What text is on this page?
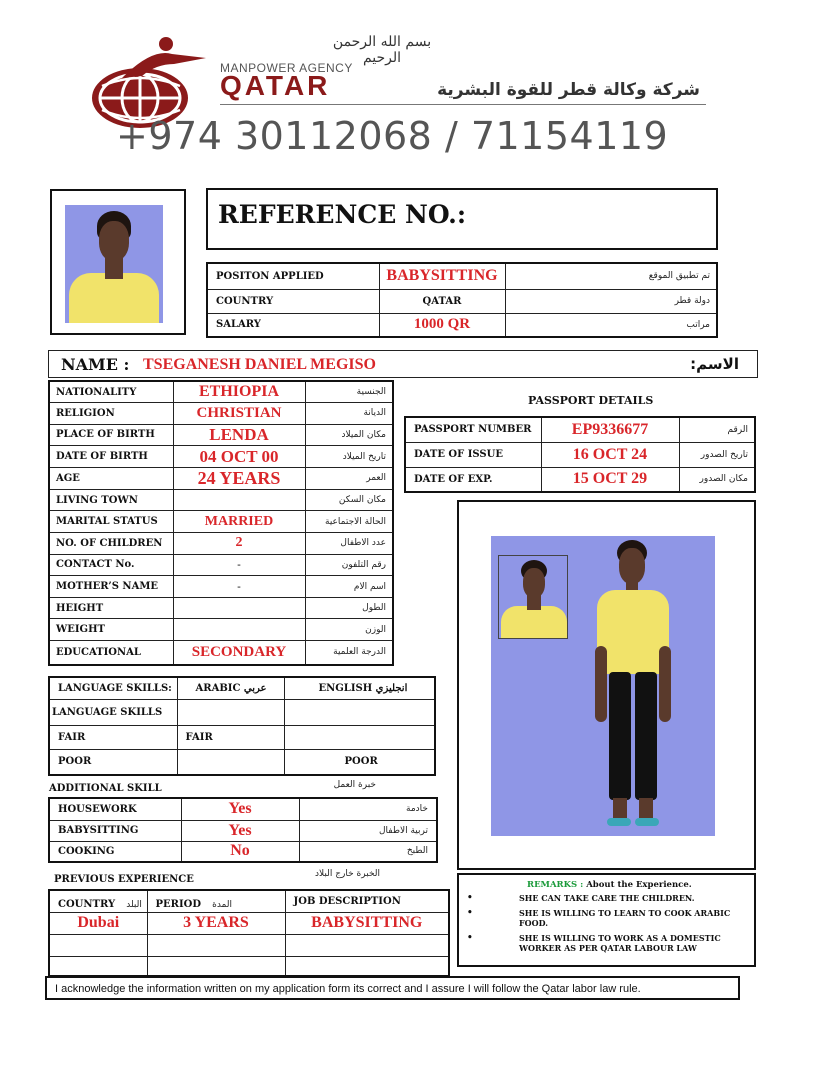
بسم الله الرحمن الرحيم
MANPOWER AGENCY
QATAR	شركة وكالة قطر للقوة البشرية
+974 30112068 / 71154119
REFERENCE NO.:
POSITON APPLIED	BABYSITTING	تم تطبيق الموقع
COUNTRY	QATAR	دولة قطر
SALARY	1000 QR	مراتب
NAME : TSEGANESH DANIEL MEGISO	الاسم:
NATIONALITY	ETHIOPIA	الجنسية
RELIGION	CHRISTIAN	الديانة
PLACE OF BIRTH	LENDA	مكان الميلاد
DATE OF BIRTH	04 OCT 00	تاريخ الميلاد
AGE	24 YEARS	العمر
LIVING TOWN		مكان السكن
MARITAL STATUS	MARRIED	الحالة الاجتماعية
NO. OF CHILDREN	2	عدد الاطفال
CONTACT No.	-	رقم التلفون
MOTHER’S NAME	-	اسم الام
HEIGHT		الطول
WEIGHT		الوزن
EDUCATIONAL	SECONDARY	الدرجة العلمية
PASSPORT DETAILS
PASSPORT NUMBER	EP9336677	الرقم
DATE OF ISSUE	16 OCT 24	تاريخ الصدور
DATE OF EXP.	15 OCT 29	مكان الصدور
LANGUAGE SKILLS:	ARABIC عربي	ENGLISH انجليزي
LANGUAGE SKILLS		
FAIR	FAIR	
POOR		POOR
ADDITIONAL SKILL	خبرة العمل
HOUSEWORK	Yes	خادمة
BABYSITTING	Yes	تربية الاطفال
COOKING	No	الطبخ
PREVIOUS EXPERIENCE	الخبرة خارج البلاد
COUNTRY البلد	PERIOD المدة	JOB DESCRIPTION
Dubai	3 YEARS	BABYSITTING

REMARKS : About the Experience.
• SHE CAN TAKE CARE THE CHILDREN.
• SHE IS WILLING TO LEARN TO COOK ARABIC FOOD.
• SHE IS WILLING TO WORK AS A DOMESTIC WORKER AS PER QATAR LABOUR LAW
I acknowledge the information written on my application form its correct and I assure I will follow the Qatar labor law rule.
